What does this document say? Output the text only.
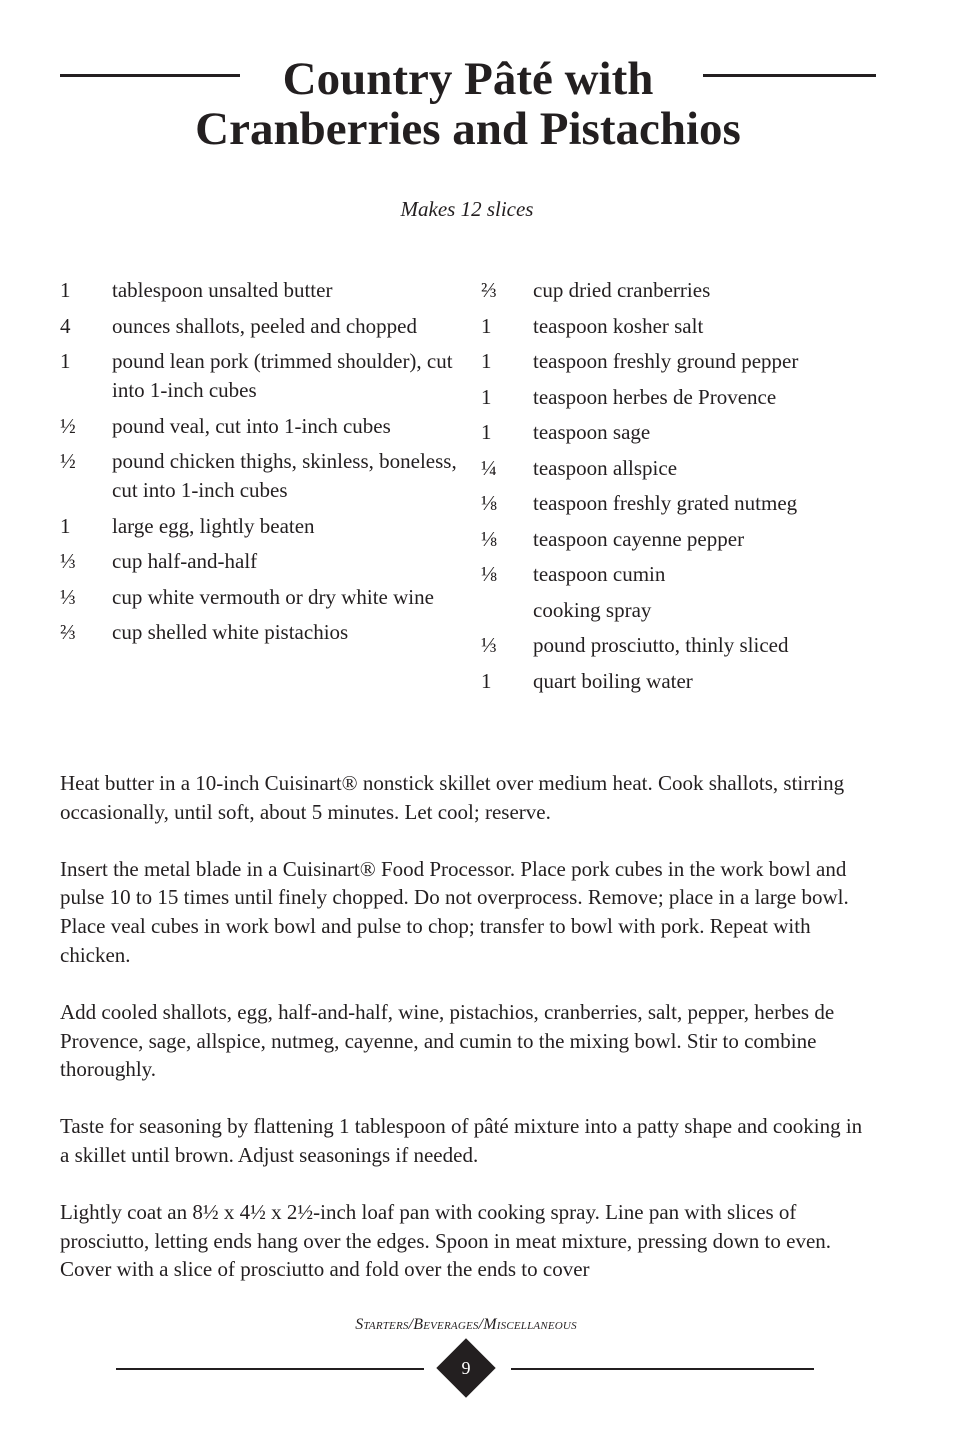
Country Pâté with
Cranberries and Pistachios
Makes 12 slices
1	tablespoon unsalted butter
4	ounces shallots, peeled and chopped
1	pound lean pork (trimmed shoulder), cut into 1-inch cubes
½	pound veal, cut into 1-inch cubes
½	pound chicken thighs, skinless, boneless, cut into 1-inch cubes
1	large egg, lightly beaten
⅓	cup half-and-half
⅓	cup white vermouth or dry white wine
⅔	cup shelled white pistachios
⅔	cup dried cranberries
1	teaspoon kosher salt
1	teaspoon freshly ground pepper
1	teaspoon herbes de Provence
1	teaspoon sage
¼	teaspoon allspice
⅛	teaspoon freshly grated nutmeg
⅛	teaspoon cayenne pepper
⅛	teaspoon cumin
cooking spray
⅓	pound prosciutto, thinly sliced
1	quart boiling water

Heat butter in a 10-inch Cuisinart® nonstick skillet over medium heat. Cook shallots, stirring occasionally, until soft, about 5 minutes. Let cool; reserve.

Insert the metal blade in a Cuisinart® Food Processor. Place pork cubes in the work bowl and pulse 10 to 15 times until finely chopped. Do not overprocess. Remove; place in a large bowl. Place veal cubes in work bowl and pulse to chop; transfer to bowl with pork. Repeat with chicken.

Add cooled shallots, egg, half-and-half, wine, pistachios, cranberries, salt, pepper, herbes de Provence, sage, allspice, nutmeg, cayenne, and cumin to the mixing bowl. Stir to combine thoroughly.

Taste for seasoning by flattening 1 tablespoon of pâté mixture into a patty shape and cooking in a skillet until brown. Adjust seasonings if needed.

Lightly coat an 8½ x 4½ x 2½-inch loaf pan with cooking spray. Line pan with slices of prosciutto, letting ends hang over the edges. Spoon in meat mixture, pressing down to even. Cover with a slice of prosciutto and fold over the ends to cover

Starters/Beverages/Miscellaneous
9
